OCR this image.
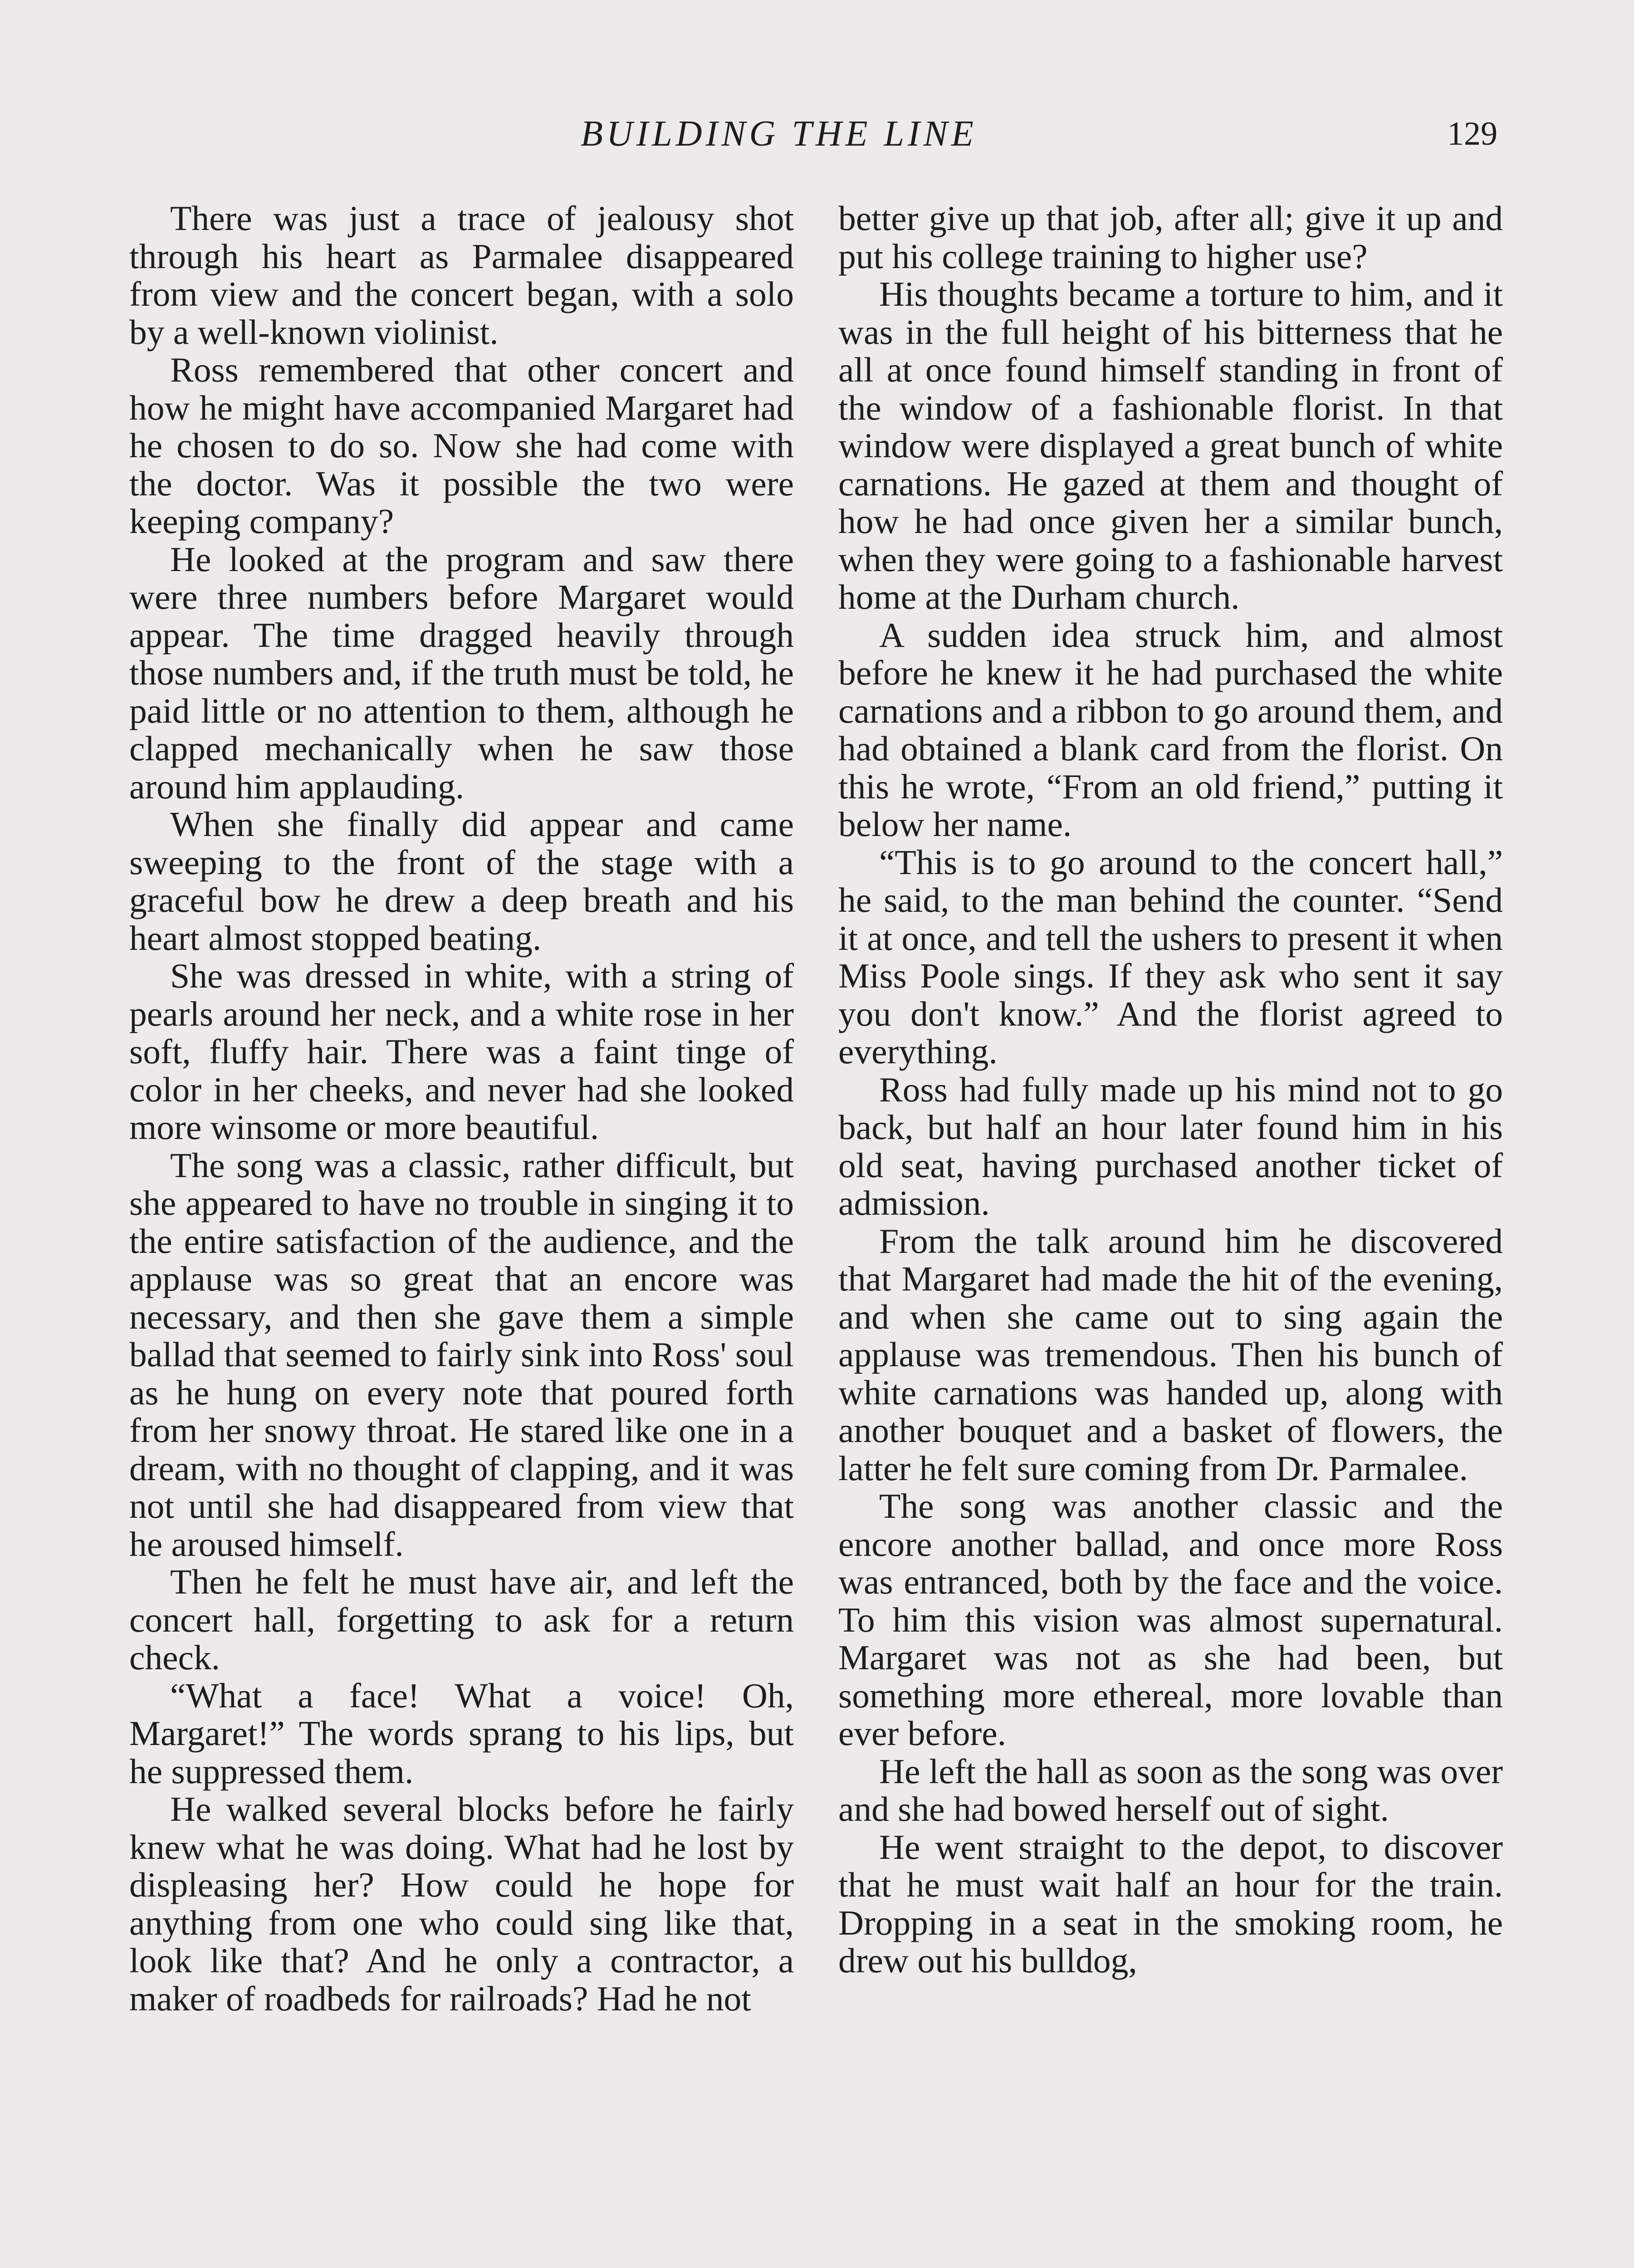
BUILDING THE LINE	129

There was just a trace of jealousy shot through his heart as Parmalee disappeared from view and the concert began, with a solo by a well-known violinist.

Ross remembered that other concert and how he might have accompanied Margaret had he chosen to do so. Now she had come with the doctor. Was it possible the two were keeping company?

He looked at the program and saw there were three numbers before Margaret would appear. The time dragged heavily through those numbers and, if the truth must be told, he paid little or no attention to them, although he clapped mechanically when he saw those around him applauding.

When she finally did appear and came sweeping to the front of the stage with a graceful bow he drew a deep breath and his heart almost stopped beating.

She was dressed in white, with a string of pearls around her neck, and a white rose in her soft, fluffy hair. There was a faint tinge of color in her cheeks, and never had she looked more winsome or more beautiful.

The song was a classic, rather difficult, but she appeared to have no trouble in singing it to the entire satisfaction of the audience, and the applause was so great that an encore was necessary, and then she gave them a simple ballad that seemed to fairly sink into Ross' soul as he hung on every note that poured forth from her snowy throat. He stared like one in a dream, with no thought of clapping, and it was not until she had disappeared from view that he aroused himself.

Then he felt he must have air, and left the concert hall, forgetting to ask for a return check.

“What a face! What a voice! Oh, Margaret!” The words sprang to his lips, but he suppressed them.

He walked several blocks before he fairly knew what he was doing. What had he lost by displeasing her? How could he hope for anything from one who could sing like that, look like that? And he only a contractor, a maker of roadbeds for railroads? Had he not

better give up that job, after all; give it up and put his college training to higher use?

His thoughts became a torture to him, and it was in the full height of his bitterness that he all at once found himself standing in front of the window of a fashionable florist. In that window were displayed a great bunch of white carnations. He gazed at them and thought of how he had once given her a similar bunch, when they were going to a fashionable harvest home at the Durham church.

A sudden idea struck him, and almost before he knew it he had purchased the white carnations and a ribbon to go around them, and had obtained a blank card from the florist. On this he wrote, “From an old friend,” putting it below her name.

“This is to go around to the concert hall,” he said, to the man behind the counter. “Send it at once, and tell the ushers to present it when Miss Poole sings. If they ask who sent it say you don't know.” And the florist agreed to everything.

Ross had fully made up his mind not to go back, but half an hour later found him in his old seat, having purchased another ticket of admission.

From the talk around him he discovered that Margaret had made the hit of the evening, and when she came out to sing again the applause was tremendous. Then his bunch of white carnations was handed up, along with another bouquet and a basket of flowers, the latter he felt sure coming from Dr. Parmalee.

The song was another classic and the encore another ballad, and once more Ross was entranced, both by the face and the voice. To him this vision was almost supernatural. Margaret was not as she had been, but something more ethereal, more lovable than ever before.

He left the hall as soon as the song was over and she had bowed herself out of sight.

He went straight to the depot, to discover that he must wait half an hour for the train. Dropping in a seat in the smoking room, he drew out his bulldog,
